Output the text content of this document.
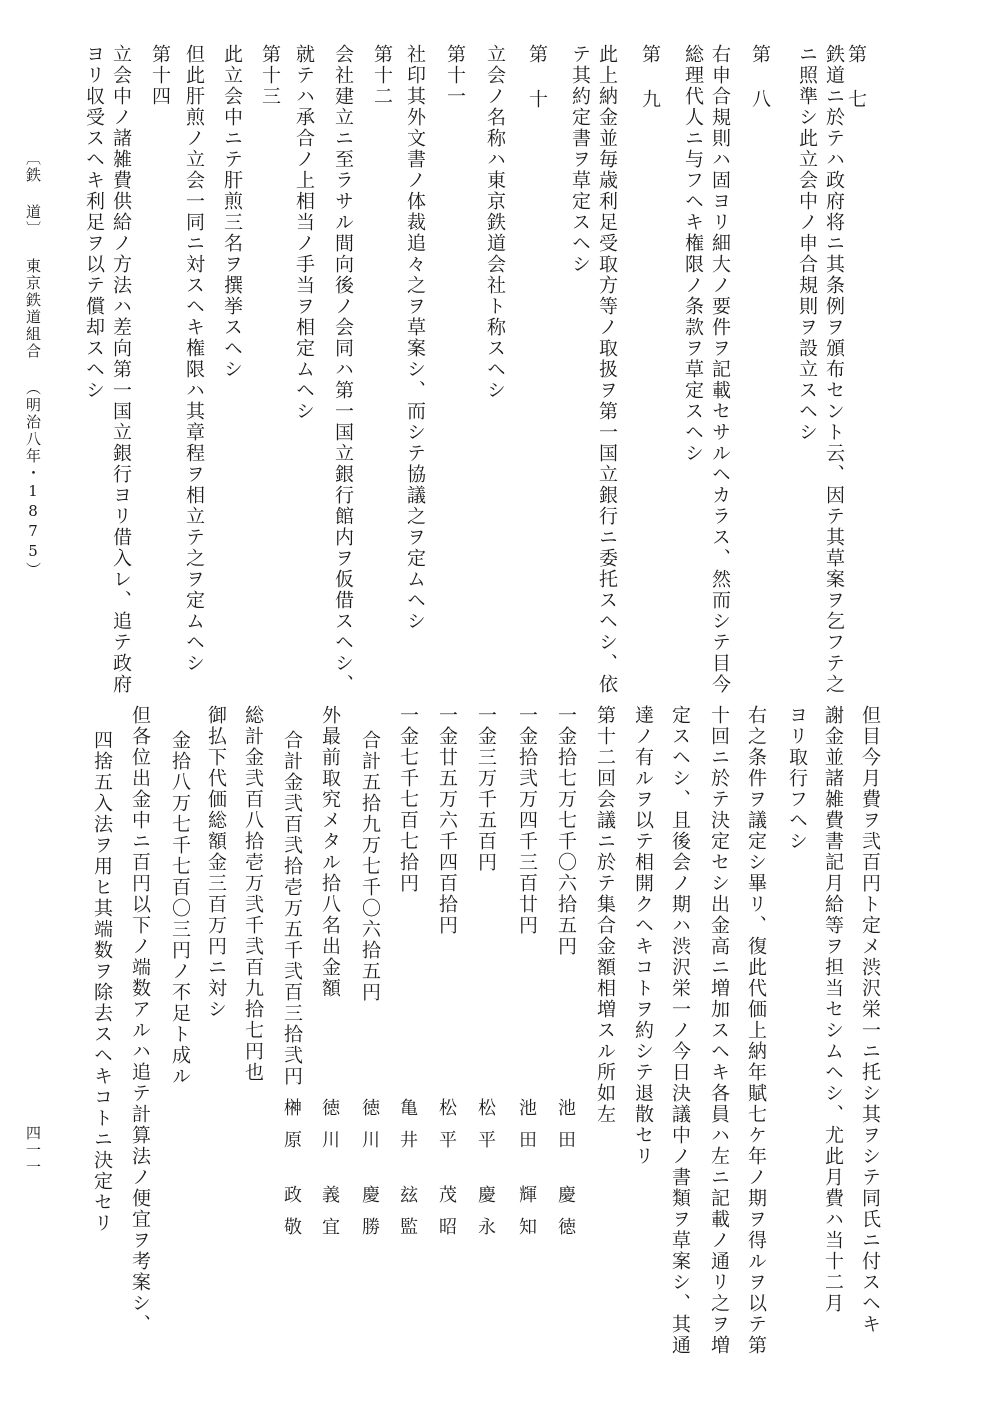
第 七
鉄道ニ於テハ政府将ニ其条例ヲ頒布セント云、因テ其草案ヲ乞フテ之
ニ照準シ此立会中ノ申合規則ヲ設立スヘシ
第 八
右申合規則ハ固ヨリ細大ノ要件ヲ記載セサルヘカラス、然而シテ目今
総理代人ニ与フヘキ権限ノ条款ヲ草定スヘシ
第 九
此上納金並毎歳利足受取方等ノ取扱ヲ第一国立銀行ニ委托スヘシ、依
テ其約定書ヲ草定スヘシ
第 十
立会ノ名称ハ東京鉄道会社ト称スヘシ
第十一
社印其外文書ノ体裁追々之ヲ草案シ、而シテ協議之ヲ定ムヘシ
第十二
会社建立ニ至ラサル間向後ノ会同ハ第一国立銀行館内ヲ仮借スヘシ、
就テハ承合ノ上相当ノ手当ヲ相定ムヘシ
第十三
此立会中ニテ肝煎三名ヲ撰挙スヘシ
但此肝煎ノ立会一同ニ対スヘキ権限ハ其章程ヲ相立テ之ヲ定ムヘシ
第十四
立会中ノ諸雑費供給ノ方法ハ差向第一国立銀行ヨリ借入レ、追テ政府
ヨリ収受スヘキ利足ヲ以テ償却スヘシ
但目今月費ヲ弐百円ト定メ渋沢栄一ニ托シ其ヲシテ同氏ニ付スヘキ
謝金並諸雑費書記月給等ヲ担当セシムヘシ、尤此月費ハ当十二月
ヨリ取行フヘシ
右之条件ヲ議定シ畢リ、復此代価上納年賦七ケ年ノ期ヲ得ルヲ以テ第
十回ニ於テ決定セシ出金高ニ増加スヘキ各員ハ左ニ記載ノ通リ之ヲ増
定スヘシ、且後会ノ期ハ渋沢栄一ノ今日決議中ノ書類ヲ草案シ、其通
達ノ有ルヲ以テ相開クヘキコトヲ約シテ退散セリ
第十二回会議ニ於テ集合金額相増スル所如左
一金拾七万七千〇六拾五円
一金拾弐万四千三百廿円
一金三万千五百円
一金廿五万六千四百拾円
一金七千七百七拾円
合計五拾九万七千〇六拾五円
外最前取究メタル拾八名出金額
合計金弐百弐拾壱万五千弐百三拾弐円
総計金弐百八拾壱万弐千弐百九拾七円也
御払下代価総額金三百万円ニ対シ
金拾八万七千七百〇三円ノ不足ト成ル
但各位出金中ニ百円以下ノ端数アルハ追テ計算法ノ便宜ヲ考案シ、
四捨五入法ヲ用ヒ其端数ヲ除去スヘキコトニ決定セリ	池田
慶徳
池田
輝知
松平
慶永
松平
茂昭
亀井
玆監
徳川
慶勝
徳川
義宜
榊原
政敬
〔鉄 道〕 東京鉄道組合 （明治八年・1875）
四一一
